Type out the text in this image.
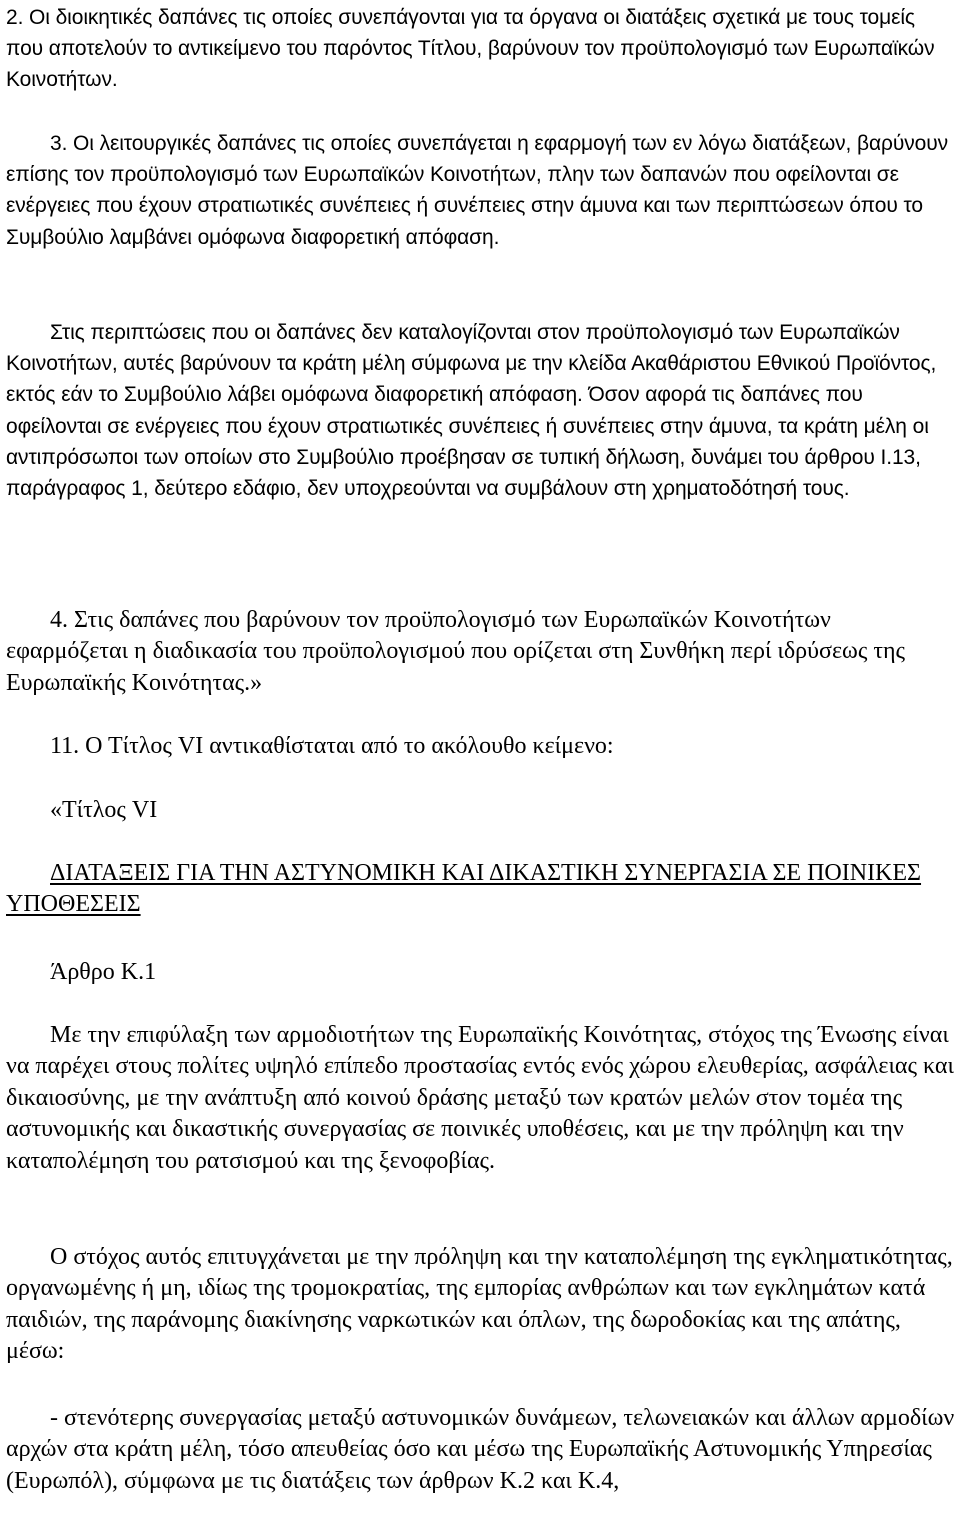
2. Οι διοικητικές δαπάνες τις οποίες συνεπάγονται για τα όργανα οι διατάξεις σχετικά με τους τομείς που αποτελούν το αντικείμενο του παρόντος Τίτλου, βαρύνουν τον προϋπολογισμό των Ευρωπαϊκών Κοινοτήτων.

3. Οι λειτουργικές δαπάνες τις οποίες συνεπάγεται η εφαρμογή των εν λόγω διατάξεων, βαρύνουν επίσης τον προϋπολογισμό των Ευρωπαϊκών Κοινοτήτων, πλην των δαπανών που οφείλονται σε ενέργειες που έχουν στρατιωτικές συνέπειες ή συνέπειες στην άμυνα και των περιπτώσεων όπου το Συμβούλιο λαμβάνει ομόφωνα διαφορετική απόφαση.

Στις περιπτώσεις που οι δαπάνες δεν καταλογίζονται στον προϋπολογισμό των Ευρωπαϊκών Κοινοτήτων, αυτές βαρύνουν τα κράτη μέλη σύμφωνα με την κλείδα Ακαθάριστου Εθνικού Προϊόντος, εκτός εάν το Συμβούλιο λάβει ομόφωνα διαφορετική απόφαση. Όσον αφορά τις δαπάνες που οφείλονται σε ενέργειες που έχουν στρατιωτικές συνέπειες ή συνέπειες στην άμυνα, τα κράτη μέλη οι αντιπρόσωποι των οποίων στο Συμβούλιο προέβησαν σε τυπική δήλωση, δυνάμει του άρθρου Ι.13, παράγραφος 1, δεύτερο εδάφιο, δεν υποχρεούνται να συμβάλουν στη χρηματοδότησή τους.

4. Στις δαπάνες που βαρύνουν τον προϋπολογισμό των Ευρωπαϊκών Κοινοτήτων εφαρμόζεται η διαδικασία του προϋπολογισμού που ορίζεται στη Συνθήκη περί ιδρύσεως της Ευρωπαϊκής Κοινότητας.»

11. Ο Τίτλος VI αντικαθίσταται από το ακόλουθο κείμενο:

«Τίτλος VI

ΔΙΑΤΑΞΕΙΣ ΓΙΑ ΤΗΝ ΑΣΤΥΝΟΜΙΚΗ ΚΑΙ ΔΙΚΑΣΤΙΚΗ ΣΥΝΕΡΓΑΣΙΑ ΣΕ ΠΟΙΝΙΚΕΣ ΥΠΟΘΕΣΕΙΣ

Άρθρο Κ.1

Με την επιφύλαξη των αρμοδιοτήτων της Ευρωπαϊκής Κοινότητας, στόχος της Ένωσης είναι να παρέχει στους πολίτες υψηλό επίπεδο προστασίας εντός ενός χώρου ελευθερίας, ασφάλειας και δικαιοσύνης, με την ανάπτυξη από κοινού δράσης μεταξύ των κρατών μελών στον τομέα της αστυνομικής και δικαστικής συνεργασίας σε ποινικές υποθέσεις, και με την πρόληψη και την καταπολέμηση του ρατσισμού και της ξενοφοβίας.

Ο στόχος αυτός επιτυγχάνεται με την πρόληψη και την καταπολέμηση της εγκληματικότητας, οργανωμένης ή μη, ιδίως της τρομοκρατίας, της εμπορίας ανθρώπων και των εγκλημάτων κατά παιδιών, της παράνομης διακίνησης ναρκωτικών και όπλων, της δωροδοκίας και της απάτης, μέσω:

- στενότερης συνεργασίας μεταξύ αστυνομικών δυνάμεων, τελωνειακών και άλλων αρμοδίων αρχών στα κράτη μέλη, τόσο απευθείας όσο και μέσω της Ευρωπαϊκής Αστυνομικής Υπηρεσίας (Ευρωπόλ), σύμφωνα με τις διατάξεις των άρθρων Κ.2 και Κ.4,
